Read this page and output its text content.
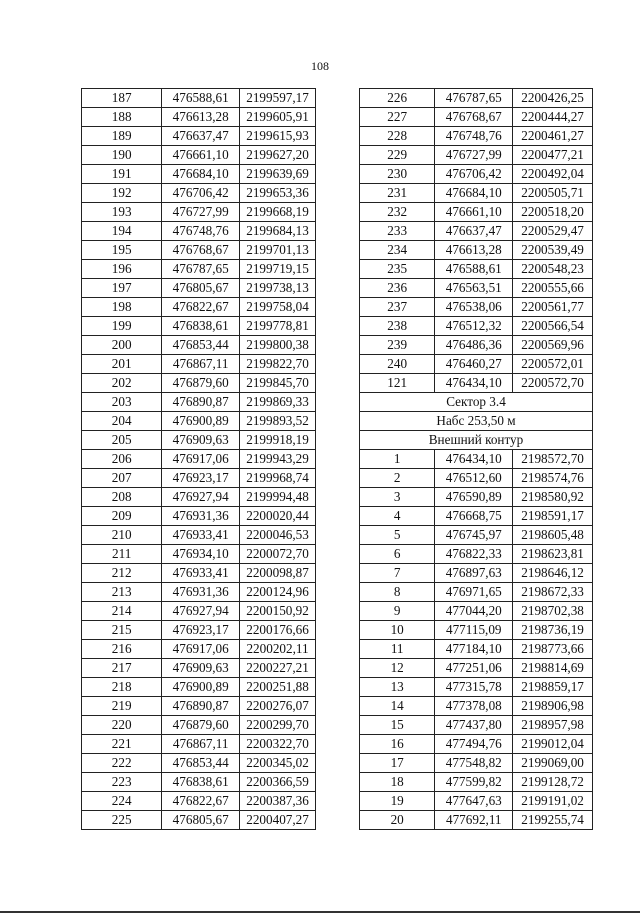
108
187	476588,61	2199597,17
188	476613,28	2199605,91
189	476637,47	2199615,93
190	476661,10	2199627,20
191	476684,10	2199639,69
192	476706,42	2199653,36
193	476727,99	2199668,19
194	476748,76	2199684,13
195	476768,67	2199701,13
196	476787,65	2199719,15
197	476805,67	2199738,13
198	476822,67	2199758,04
199	476838,61	2199778,81
200	476853,44	2199800,38
201	476867,11	2199822,70
202	476879,60	2199845,70
203	476890,87	2199869,33
204	476900,89	2199893,52
205	476909,63	2199918,19
206	476917,06	2199943,29
207	476923,17	2199968,74
208	476927,94	2199994,48
209	476931,36	2200020,44
210	476933,41	2200046,53
211	476934,10	2200072,70
212	476933,41	2200098,87
213	476931,36	2200124,96
214	476927,94	2200150,92
215	476923,17	2200176,66
216	476917,06	2200202,11
217	476909,63	2200227,21
218	476900,89	2200251,88
219	476890,87	2200276,07
220	476879,60	2200299,70
221	476867,11	2200322,70
222	476853,44	2200345,02
223	476838,61	2200366,59
224	476822,67	2200387,36
225	476805,67	2200407,27
226	476787,65	2200426,25
227	476768,67	2200444,27
228	476748,76	2200461,27
229	476727,99	2200477,21
230	476706,42	2200492,04
231	476684,10	2200505,71
232	476661,10	2200518,20
233	476637,47	2200529,47
234	476613,28	2200539,49
235	476588,61	2200548,23
236	476563,51	2200555,66
237	476538,06	2200561,77
238	476512,32	2200566,54
239	476486,36	2200569,96
240	476460,27	2200572,01
121	476434,10	2200572,70
Сектор 3.4		
Набс 253,50 м		
Внешний контур		
1	476434,10	2198572,70
2	476512,60	2198574,76
3	476590,89	2198580,92
4	476668,75	2198591,17
5	476745,97	2198605,48
6	476822,33	2198623,81
7	476897,63	2198646,12
8	476971,65	2198672,33
9	477044,20	2198702,38
10	477115,09	2198736,19
11	477184,10	2198773,66
12	477251,06	2198814,69
13	477315,78	2198859,17
14	477378,08	2198906,98
15	477437,80	2198957,98
16	477494,76	2199012,04
17	477548,82	2199069,00
18	477599,82	2199128,72
19	477647,63	2199191,02
20	477692,11	2199255,74
